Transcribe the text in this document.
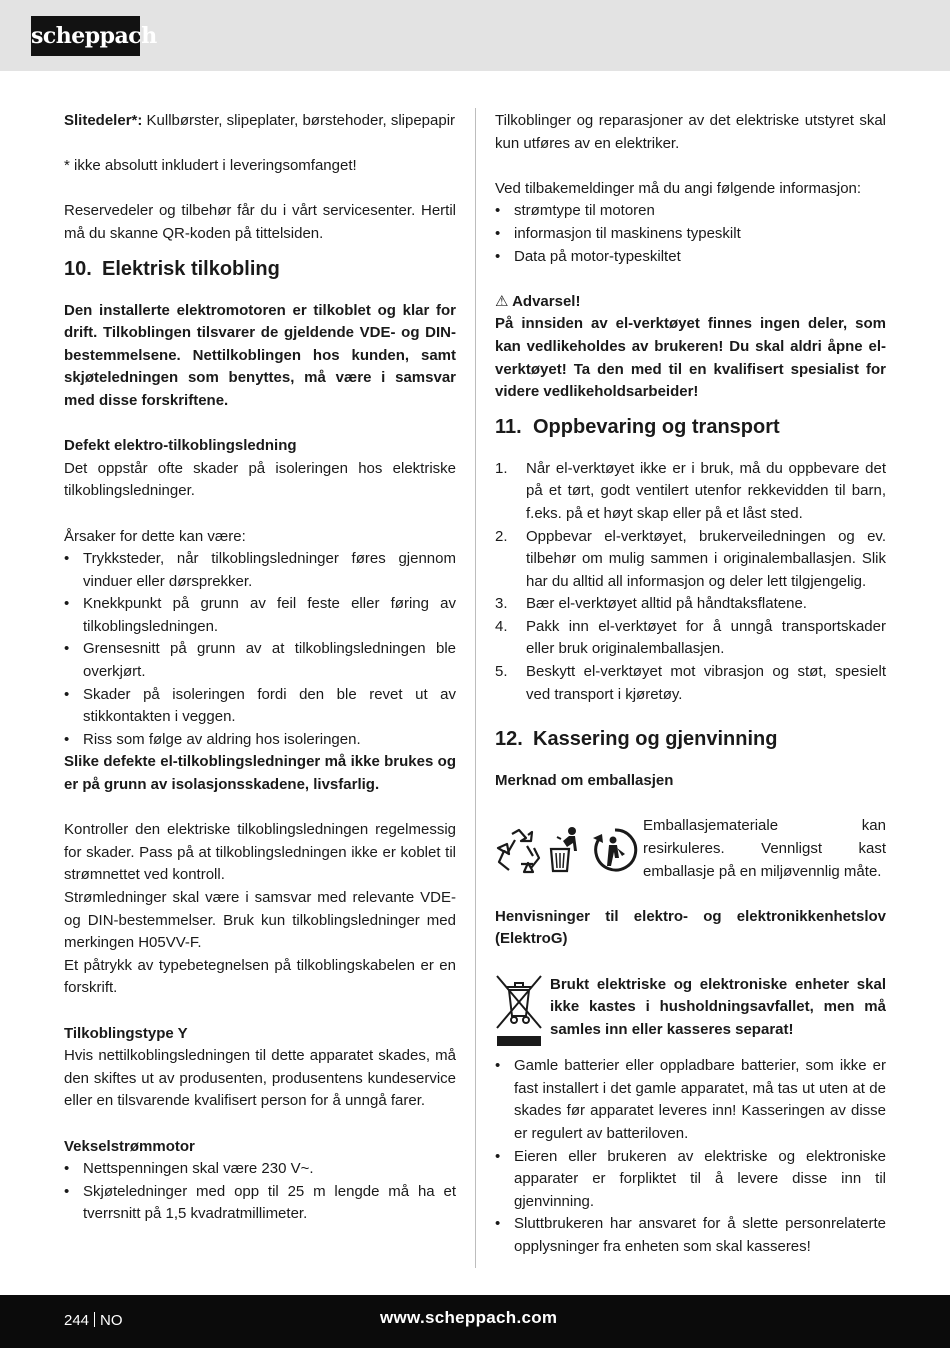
scheppach

Slitedeler*: Kullbørster, slipeplater, børstehoder, slipepapir

* ikke absolutt inkludert i leveringsomfanget!

Reservedeler og tilbehør får du i vårt servicesenter. Hertil må du skanne QR-koden på tittelsiden.

10. Elektrisk tilkobling

Den installerte elektromotoren er tilkoblet og klar for drift. Tilkoblingen tilsvarer de gjeldende VDE- og DIN-bestemmelsene. Nettilkoblingen hos kunden, samt skjøteledningen som benyttes, må være i samsvar med disse forskriftene.

Defekt elektro-tilkoblingsledning

Det oppstår ofte skader på isoleringen hos elektriske tilkoblingsledninger.

Årsaker for dette kan være:

• Trykksteder, når tilkoblingsledninger føres gjennom vinduer eller dørsprekker.
• Knekkpunkt på grunn av feil feste eller føring av tilkoblingsledningen.
• Grensesnitt på grunn av at tilkoblingsledningen ble overkjørt.
• Skader på isoleringen fordi den ble revet ut av stikkontakten i veggen.
• Riss som følge av aldring hos isoleringen.

Slike defekte el-tilkoblingsledninger må ikke brukes og er på grunn av isolasjonsskadene, livsfarlig.

Kontroller den elektriske tilkoblingsledningen regelmessig for skader. Pass på at tilkoblingsledningen ikke er koblet til strømnettet ved kontroll.

Strømledninger skal være i samsvar med relevante VDE- og DIN-bestemmelser. Bruk kun tilkoblingsledninger med merkingen H05VV-F.

Et påtrykk av typebetegnelsen på tilkoblingskabelen er en forskrift.

Tilkoblingstype Y

Hvis nettilkoblingsledningen til dette apparatet skades, må den skiftes ut av produsenten, produsentens kundeservice eller en tilsvarende kvalifisert person for å unngå farer.

Vekselstrømmotor

• Nettspenningen skal være 230 V~.
• Skjøteledninger med opp til 25 m lengde må ha et tverrsnitt på 1,5 kvadratmillimeter.

Tilkoblinger og reparasjoner av det elektriske utstyret skal kun utføres av en elektriker.

Ved tilbakemeldinger må du angi følgende informasjon:

• strømtype til motoren
• informasjon til maskinens typeskilt
• Data på motor-typeskiltet

⚠ Advarsel!

På innsiden av el-verktøyet finnes ingen deler, som kan vedlikeholdes av brukeren! Du skal aldri åpne el-verktøyet! Ta den med til en kvalifisert spesialist for videre vedlikeholdsarbeider!

11. Oppbevaring og transport
1. Når el-verktøyet ikke er i bruk, må du oppbevare det på et tørt, godt ventilert utenfor rekkevidden til barn, f.eks. på et høyt skap eller på et låst sted.
2. Oppbevar el-verktøyet, brukerveiledningen og ev. tilbehør om mulig sammen i originalemballasjen. Slik har du alltid all informasjon og deler lett tilgjengelig.
3. Bær el-verktøyet alltid på håndtaksflatene.
4. Pakk inn el-verktøyet for å unngå transportskader eller bruk originalemballasjen.
5. Beskytt el-verktøyet mot vibrasjon og støt, spesielt ved transport i kjøretøy.
12. Kassering og gjenvinning

Merknad om emballasjen

Emballasjemateriale kan resirkuleres. Vennligst kast emballasje på en miljøvennlig måte.

Henvisninger til elektro- og elektronikkenhetslov (ElektroG)

Brukt elektriske og elektroniske enheter skal ikke kastes i husholdningsavfallet, men må samles inn eller kasseres separat!

• Gamle batterier eller oppladbare batterier, som ikke er fast installert i det gamle apparatet, må tas ut uten at de skades før apparatet leveres inn! Kasseringen av disse er regulert av batteriloven.
• Eieren eller brukeren av elektriske og elektroniske apparater er forpliktet til å levere disse inn til gjenvinning.
• Sluttbrukeren har ansvaret for å slette personrelaterte opplysninger fra enheten som skal kasseres!
244 NO	www.scheppach.com
